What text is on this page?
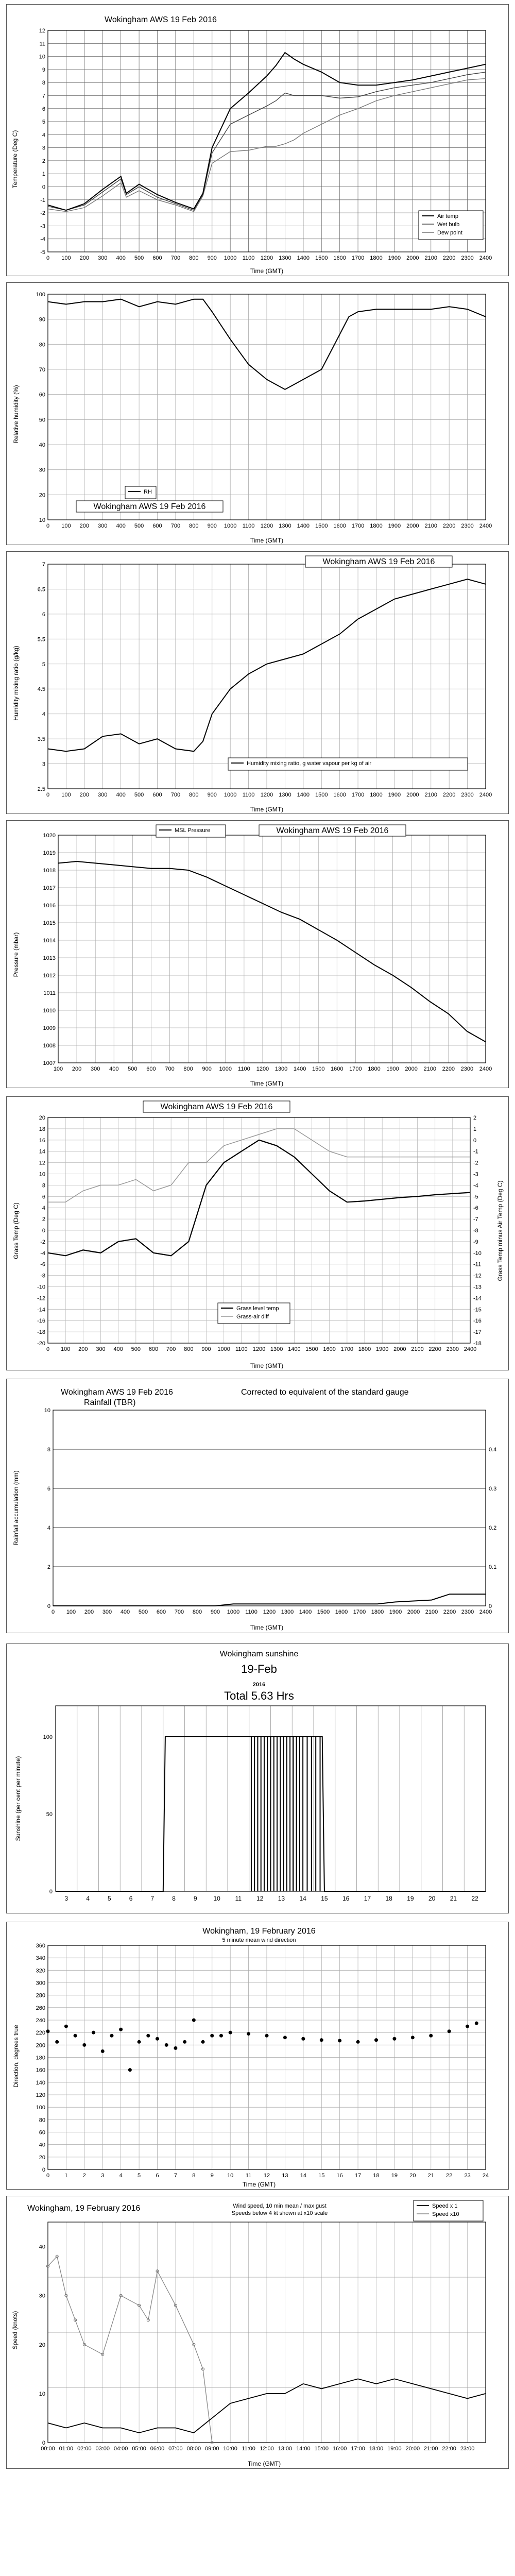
Wokingham AWS 19 Feb 2016
Temperature (Deg C)
Time (GMT)
12
11
10
9
8
7
6
5
4
3
2
1
0
-1
-2
-3
-4
-5
0 100 200 300 400 500 600 700 800 900 1000 1100 1200 1300 1400 1500 1600 1700 1800 1900 2000 2100 2200 2300 2400
Air temp
Wet bulb
Dew point
Relative humidity (%)
Time (GMT)
100
90
80
70
60
50
40
30
20
10
0 100 200 300 400 500 600 700 800 900 1000 1100 1200 1300 1400 1500 1600 1700 1800 1900 2000 2100 2200 2300 2400
RH
Wokingham AWS 19 Feb 2016
Humidity mixing ratio (g/kg)
Time (GMT)
7
6.5
6
5.5
5
4.5
4
3.5
3
2.5
0 100 200 300 400 500 600 700 800 900 1000 1100 1200 1300 1400 1500 1600 1700 1800 1900 2000 2100 2200 2300 2400
Humidity mixing ratio, g water vapour per kg of air
Wokingham AWS 19 Feb 2016
Pressure (mbar)
Time (GMT)
1020
1019
1018
1017
1016
1015
1014
1013
1012
1011
1010
1009
1008
1007
100 200 300 400 500 600 700 800 900 1000 1100 1200 1300 1400 1500 1600 1700 1800 1900 2000 2100 2200 2300 2400
MSL Pressure	Wokingham AWS 19 Feb 2016
Grass Temp (Deg C)	Grass Temp minus Air Temp (Deg C)
Time (GMT)
20
18
16
14
12
10
8
6
4
2
0
-2
-4
-6
-8
-10
-12
-14
-16
-18
-20
2
1
0
-1
-2
-3
-4
-5
-6
-7
-8
-9
-10
-11
-12
-13
-14
-15
-16
-17
-18
0 100 200 300 400 500 600 700 800 900 1000 1100 1200 1300 1400 1500 1600 1700 1800 1900 2000 2100 2200 2300 2400
Grass level temp
Grass-air diff
Wokingham AWS 19 Feb 2016
Wokingham AWS 19 Feb 2016	Corrected to equivalent of the standard gauge
Rainfall (TBR)
Rainfall accumulation (mm)
Time (GMT)
10
8
6
4
2
0
0.4
0.3
0.2
0.1
0
0 100 200 300 400 500 600 700 800 900 1000 1100 1200 1300 1400 1500 1600 1700 1800 1900 2000 2100 2200 2300 2400
Wokingham sunshine
19-Feb
2016
Total 5.63 Hrs
Sunshine (per cent per minute)
3	4	5	6	7	8	9	10 11 12 13 14 15 16 17 18 19 20 21 22
100
50
0
Wokingham, 19 February 2016
5 minute mean wind direction
Direction, degrees true
Time (GMT)
360
340
320
300
280
260
240
220
200
180
160
140
120
100
80
60
40
20
0
0	1	2	3	4	5	6	7	8	9 10 11 12 13 14 15 16 17 18 19 20 21 22 23 24
Wokingham, 19 February 2016	Wind speed, 10 min mean / max gust
Speeds below 4 kt shown at x10 scale
Speed (knots)
Time (GMT)
40
30
20
10
0
00:00 01:00 02:00 03:00 04:00 05:00 06:00 07:00 08:00 09:00 10:00 11:00 12:00 13:00 14:00 15:00 16:00 17:00 18:00 19:00 20:00 21:00 22:00 23:00
Speed x 1
Speed x10
